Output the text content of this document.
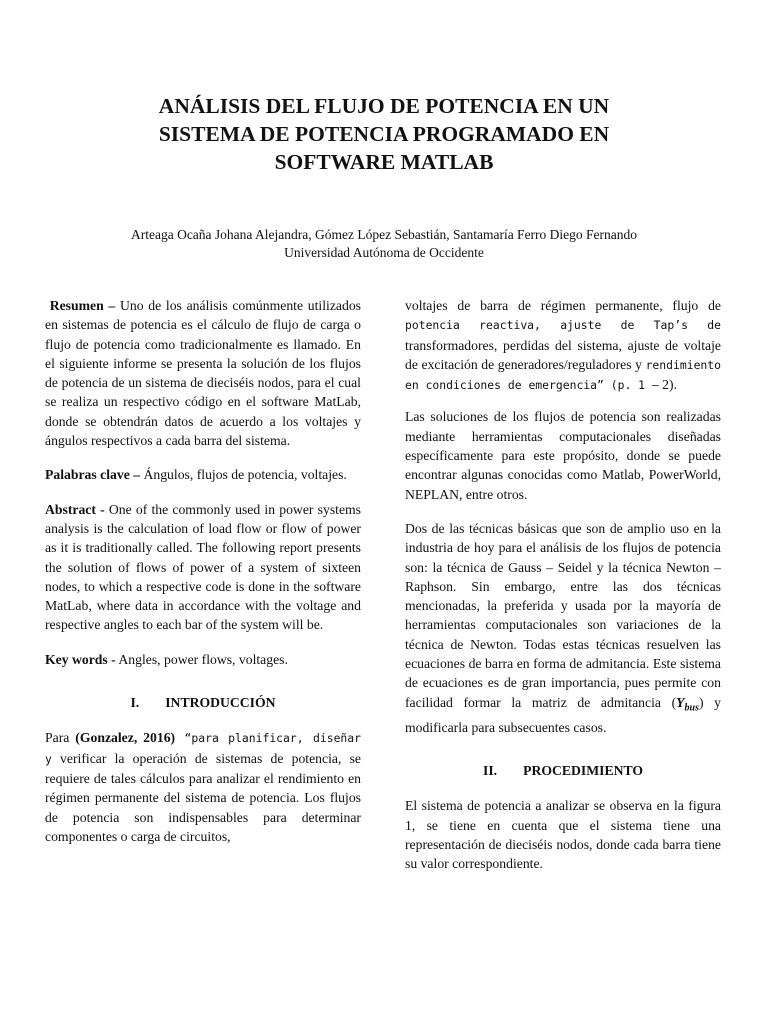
ANÁLISIS DEL FLUJO DE POTENCIA EN UN
SISTEMA DE POTENCIA PROGRAMADO EN
SOFTWARE MATLAB
Arteaga Ocaña Johana Alejandra, Gómez López Sebastián, Santamaría Ferro Diego Fernando
Universidad Autónoma de Occidente

Resumen – Uno de los análisis comúnmente utilizados en sistemas de potencia es el cálculo de flujo de carga o flujo de potencia como tradicionalmente es llamado. En el siguiente informe se presenta la solución de los flujos de potencia de un sistema de dieciséis nodos, para el cual se realiza un respectivo código en el software MatLab, donde se obtendrán datos de acuerdo a los voltajes y ángulos respectivos a cada barra del sistema.

Palabras clave – Ángulos, flujos de potencia, voltajes.

Abstract - One of the commonly used in power systems analysis is the calculation of load flow or flow of power as it is traditionally called. The following report presents the solution of flows of power of a system of sixteen nodes, to which a respective code is done in the software MatLab, where data in accordance with the voltage and respective angles to each bar of the system will be.

Key words - Angles, power flows, voltages.

I. INTRODUCCIÓN

Para (Gonzalez, 2016) “para planificar, diseñar y verificar la operación de sistemas de potencia, se requiere de tales cálculos para analizar el rendimiento en régimen permanente del sistema de potencia. Los flujos de potencia son indispensables para determinar componentes o carga de circuitos,

voltajes de barra de régimen permanente, flujo de potencia reactiva, ajuste de Tap’s de transformadores, perdidas del sistema, ajuste de voltaje de excitación de generadores/reguladores y rendimiento en condiciones de emergencia” (p. 1 – 2).

Las soluciones de los flujos de potencia son realizadas mediante herramientas computacionales diseñadas específicamente para este propósito, donde se puede encontrar algunas conocidas como Matlab, PowerWorld, NEPLAN, entre otros.

Dos de las técnicas básicas que son de amplio uso en la industria de hoy para el análisis de los flujos de potencia son: la técnica de Gauss – Seidel y la técnica Newton – Raphson. Sin embargo, entre las dos técnicas mencionadas, la preferida y usada por la mayoría de herramientas computacionales son variaciones de la técnica de Newton. Todas estas técnicas resuelven las ecuaciones de barra en forma de admitancia. Este sistema de ecuaciones es de gran importancia, pues permite con facilidad formar la matriz de admitancia $(Y_{bus})$ y modificarla para subsecuentes casos.

II. PROCEDIMIENTO

El sistema de potencia a analizar se observa en la figura 1, se tiene en cuenta que el sistema tiene una representación de dieciséis nodos, donde cada barra tiene su valor correspondiente.
